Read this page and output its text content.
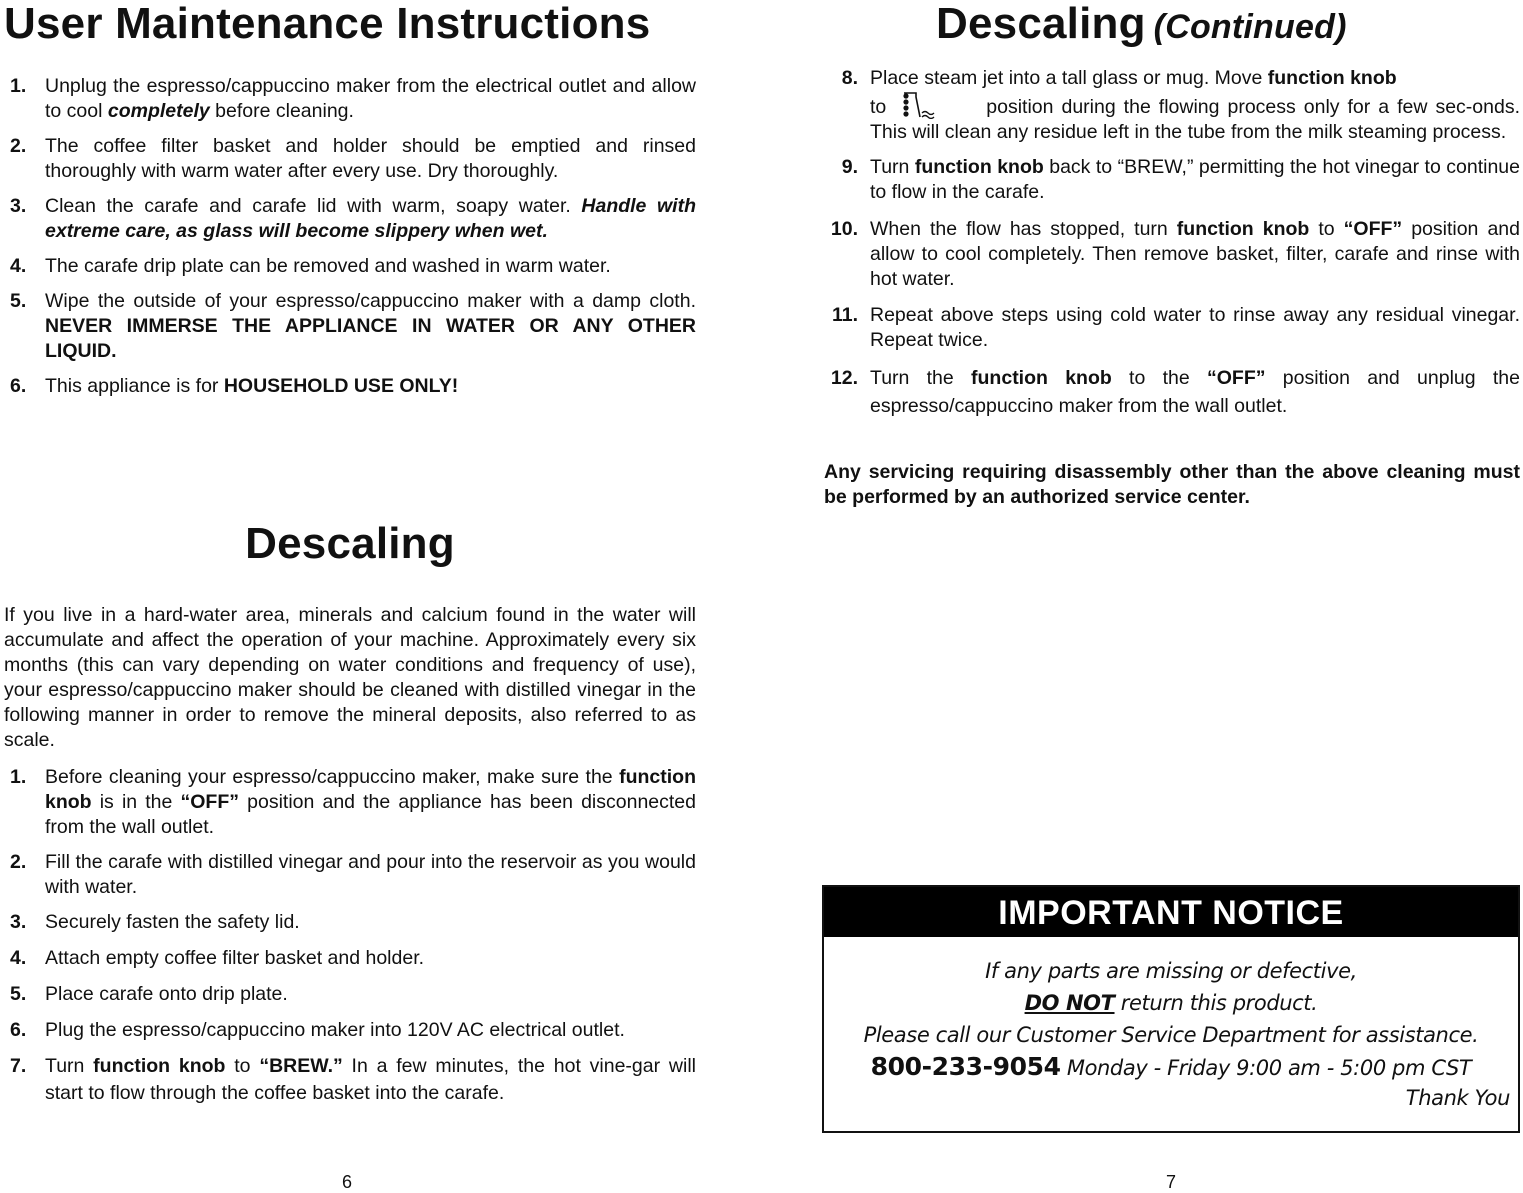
User Maintenance Instructions
1. Unplug the espresso/cappuccino maker from the electrical outlet and allow to cool completely before cleaning.
2. The coffee filter basket and holder should be emptied and rinsed thoroughly with warm water after every use. Dry thoroughly.
3. Clean the carafe and carafe lid with warm, soapy water. Handle with extreme care, as glass will become slippery when wet.
4. The carafe drip plate can be removed and washed in warm water.
5. Wipe the outside of your espresso/cappuccino maker with a damp cloth. NEVER IMMERSE THE APPLIANCE IN WATER OR ANY OTHER LIQUID.
6. This appliance is for HOUSEHOLD USE ONLY!
Descaling
If you live in a hard-water area, minerals and calcium found in the water will accumulate and affect the operation of your machine. Approximately every six months (this can vary depending on water conditions and frequency of use), your espresso/cappuccino maker should be cleaned with distilled vinegar in the following manner in order to remove the mineral deposits, also referred to as scale.
1. Before cleaning your espresso/cappuccino maker, make sure the function knob is in the “OFF” position and the appliance has been disconnected from the wall outlet.
2. Fill the carafe with distilled vinegar and pour into the reservoir as you would with water.
3. Securely fasten the safety lid.
4. Attach empty coffee filter basket and holder.
5. Place carafe onto drip plate.
6. Plug the espresso/cappuccino maker into 120V AC electrical outlet.
7. Turn function knob to “BREW.” In a few minutes, the hot vine-gar will start to flow through the coffee basket into the carafe.
6
Descaling (Continued)
8. Place steam jet into a tall glass or mug. Move function knob
to	position during the flowing process only for a few sec-onds. This will clean any residue left in the tube from the milk steaming process.
9. Turn function knob back to “BREW,” permitting the hot vinegar to continue to flow in the carafe.
10. When the flow has stopped, turn function knob to “OFF” position and allow to cool completely. Then remove basket, filter, carafe and rinse with hot water.
11. Repeat above steps using cold water to rinse away any residual vinegar. Repeat twice.
12. Turn the function knob to the “OFF” position and unplug the espresso/cappuccino maker from the wall outlet.
Any servicing requiring disassembly other than the above cleaning must be performed by an authorized service center.
7
IMPORTANT NOTICE
If any parts are missing or defective,
DO NOT return this product.
Please call our Customer Service Department for assistance.
800-233-9054 Monday - Friday 9:00 am - 5:00 pm CST
Thank You
